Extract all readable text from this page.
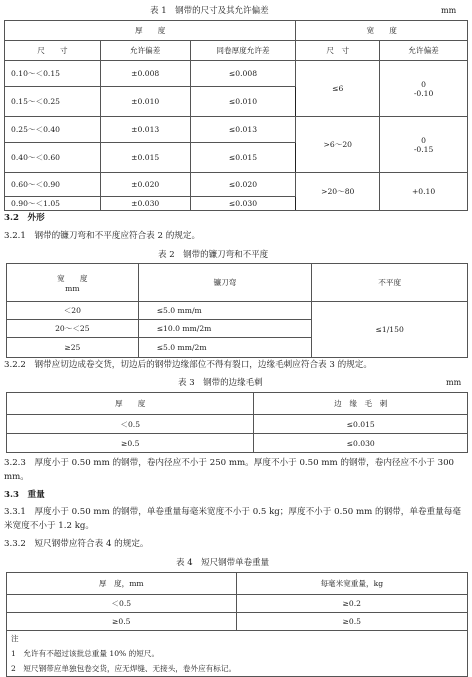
表 1　钢带的尺寸及其允许偏差	mm
厚　　度			宽　　度	
尺　　寸	允许偏差	同卷厚度允许差	尺　寸	允许偏差
0.10～＜0.15	±0.008	≤0.008	≤6	0
-0.10

0.15～＜0.25	±0.010	≤0.010		
0.25～＜0.40	±0.013	≤0.013	>6～20	0
-0.15

0.40～＜0.60	±0.015	≤0.015		
0.60～＜0.90	±0.020	≤0.020	>20～80	+0.10
0.90～＜1.05	±0.030	≤0.030		
3.2　外形
3.2.1　钢带的镰刀弯和不平度应符合表 2 的规定。
表 2　钢带的镰刀弯和不平度
宽　　度
mm	镰刀弯	不平度
＜20	≤5.0 mm/m	≤1/150
20～＜25	≤10.0 mm/2m	
≥25	≤5.0 mm/2m	
3.2.2　钢带应切边成卷交货，切边后的钢带边缘部位不得有裂口，边缘毛刺应符合表 3 的规定。
表 3　钢带的边缘毛刺	mm
厚　　度	边　缘　毛　刺
＜0.5	≤0.015
≥0.5	≤0.030
3.2.3　厚度小于 0.50 mm 的钢带，卷内径应不小于 250 mm。厚度不小于 0.50 mm 的钢带，卷内径应不小于 300 mm。
3.3　重量
3.3.1　厚度小于 0.50 mm 的钢带，单卷重量每毫米宽度不小于 0.5 kg；厚度不小于 0.50 mm 的钢带，单卷重量每毫米宽度不小于 1.2 kg。
3.3.2　短尺钢带应符合表 4 的规定。
表 4　短尺钢带单卷重量
厚　度，mm	每毫米宽重量，kg
＜0.5	≥0.2
≥0.5	≥0.5

注
1　允许有不超过该批总重量 10% 的短尺。
2　短尺钢带应单独包卷交货，应无焊缝、无接头，卷外应有标记。	
